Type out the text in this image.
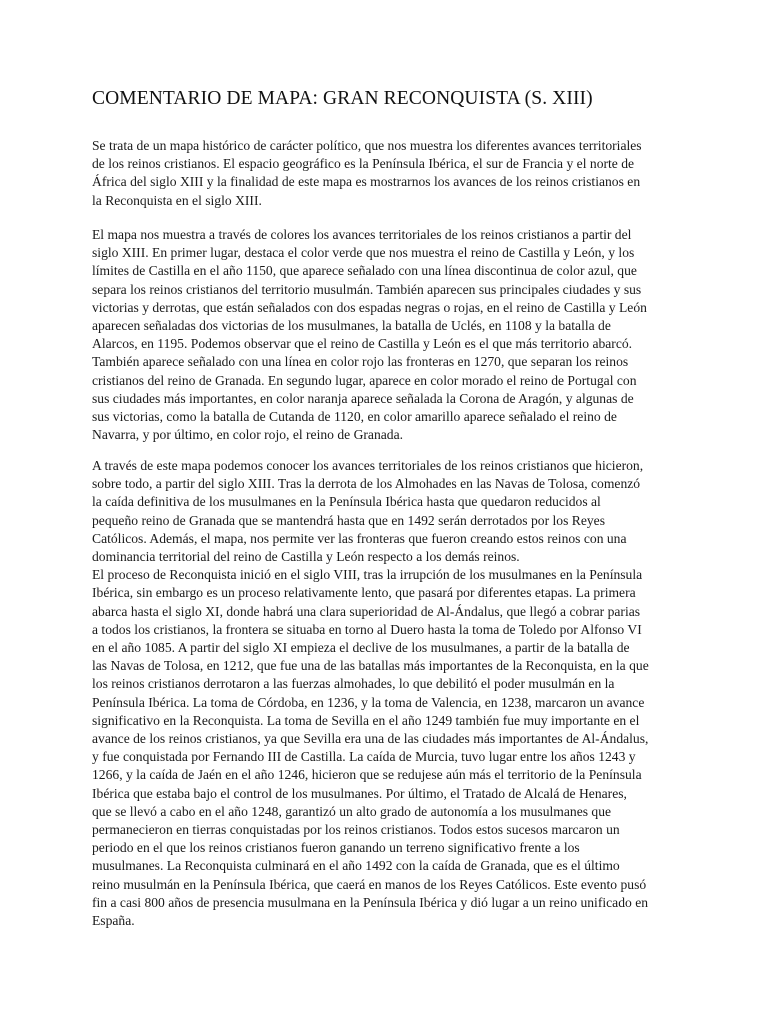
COMENTARIO DE MAPA: GRAN RECONQUISTA (S. XIII)

Se trata de un mapa histórico de carácter político, que nos muestra los diferentes avances territoriales
de los reinos cristianos. El espacio geográfico es la Península Ibérica, el sur de Francia y el norte de
África del siglo XIII y la finalidad de este mapa es mostrarnos los avances de los reinos cristianos en
la Reconquista en el siglo XIII.

El mapa nos muestra a través de colores los avances territoriales de los reinos cristianos a partir del
siglo XIII. En primer lugar, destaca el color verde que nos muestra el reino de Castilla y León, y los
límites de Castilla en el año 1150, que aparece señalado con una línea discontinua de color azul, que
separa los reinos cristianos del territorio musulmán. También aparecen sus principales ciudades y sus
victorias y derrotas, que están señalados con dos espadas negras o rojas, en el reino de Castilla y León
aparecen señaladas dos victorias de los musulmanes, la batalla de Uclés, en 1108 y la batalla de
Alarcos, en 1195. Podemos observar que el reino de Castilla y León es el que más territorio abarcó.
También aparece señalado con una línea en color rojo las fronteras en 1270, que separan los reinos
cristianos del reino de Granada. En segundo lugar, aparece en color morado el reino de Portugal con
sus ciudades más importantes, en color naranja aparece señalada la Corona de Aragón, y algunas de
sus victorias, como la batalla de Cutanda de 1120, en color amarillo aparece señalado el reino de
Navarra, y por último, en color rojo, el reino de Granada.

A través de este mapa podemos conocer los avances territoriales de los reinos cristianos que hicieron,
sobre todo, a partir del siglo XIII. Tras la derrota de los Almohades en las Navas de Tolosa, comenzó
la caída definitiva de los musulmanes en la Península Ibérica hasta que quedaron reducidos al
pequeño reino de Granada que se mantendrá hasta que en 1492 serán derrotados por los Reyes
Católicos. Además, el mapa, nos permite ver las fronteras que fueron creando estos reinos con una
dominancia territorial del reino de Castilla y León respecto a los demás reinos.
El proceso de Reconquista inició en el siglo VIII, tras la irrupción de los musulmanes en la Península
Ibérica, sin embargo es un proceso relativamente lento, que pasará por diferentes etapas. La primera
abarca hasta el siglo XI, donde habrá una clara superioridad de Al-Ándalus, que llegó a cobrar parias
a todos los cristianos, la frontera se situaba en torno al Duero hasta la toma de Toledo por Alfonso VI
en el año 1085. A partir del siglo XI empieza el declive de los musulmanes, a partir de la batalla de
las Navas de Tolosa, en 1212, que fue una de las batallas más importantes de la Reconquista, en la que
los reinos cristianos derrotaron a las fuerzas almohades, lo que debilitó el poder musulmán en la
Península Ibérica. La toma de Córdoba, en 1236, y la toma de Valencia, en 1238, marcaron un avance
significativo en la Reconquista. La toma de Sevilla en el año 1249 también fue muy importante en el
avance de los reinos cristianos, ya que Sevilla era una de las ciudades más importantes de Al-Ándalus,
y fue conquistada por Fernando III de Castilla. La caída de Murcia, tuvo lugar entre los años 1243 y
1266, y la caída de Jaén en el año 1246, hicieron que se redujese aún más el territorio de la Península
Ibérica que estaba bajo el control de los musulmanes. Por último, el Tratado de Alcalá de Henares,
que se llevó a cabo en el año 1248, garantizó un alto grado de autonomía a los musulmanes que
permanecieron en tierras conquistadas por los reinos cristianos. Todos estos sucesos marcaron un
periodo en el que los reinos cristianos fueron ganando un terreno significativo frente a los
musulmanes. La Reconquista culminará en el año 1492 con la caída de Granada, que es el último
reino musulmán en la Península Ibérica, que caerá en manos de los Reyes Católicos. Este evento pusó
fin a casi 800 años de presencia musulmana en la Península Ibérica y dió lugar a un reino unificado en
España.
